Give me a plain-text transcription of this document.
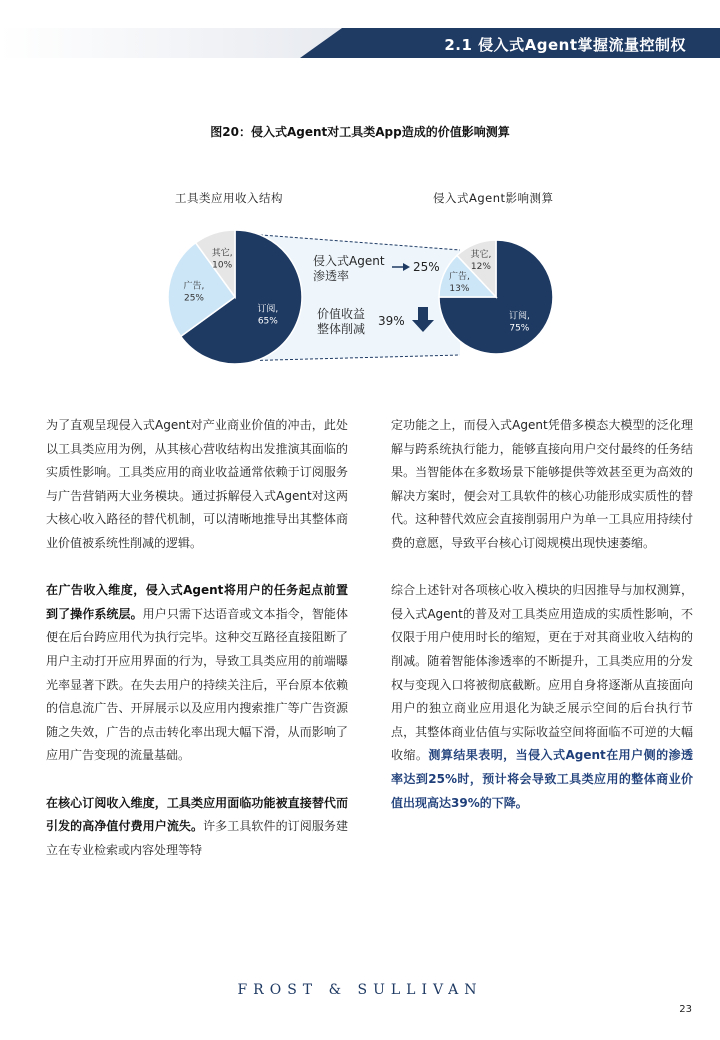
2.1 侵入式Agent掌握流量控制权
图20：侵入式Agent对工具类App造成的价值影响测算
工具类应用收入结构	侵入式Agent影响测算
订阅,
65%
广告,
25%
其它,
10%
订阅,
75%
广告,
13%
其它,
12%
侵入式Agent
渗透率
25%
价值收益
整体削减
39%

为了直观呈现侵入式Agent对产业商业价值的冲击，此处以工具类应用为例，从其核心营收结构出发推演其面临的实质性影响。工具类应用的商业收益通常依赖于订阅服务与广告营销两大业务模块。通过拆解侵入式Agent对这两大核心收入路径的替代机制，可以清晰地推导出其整体商业价值被系统性削减的逻辑。

在广告收入维度，侵入式Agent将用户的任务起点前置到了操作系统层。用户只需下达语音或文本指令，智能体便在后台跨应用代为执行完毕。这种交互路径直接阻断了用户主动打开应用界面的行为，导致工具类应用的前端曝光率显著下跌。在失去用户的持续关注后，平台原本依赖的信息流广告、开屏展示以及应用内搜索推广等广告资源随之失效，广告的点击转化率出现大幅下滑，从而影响了应用广告变现的流量基础。

在核心订阅收入维度，工具类应用面临功能被直接替代而引发的高净值付费用户流失。许多工具软件的订阅服务建立在专业检索或内容处理等特

定功能之上，而侵入式Agent凭借多模态大模型的泛化理解与跨系统执行能力，能够直接向用户交付最终的任务结果。当智能体在多数场景下能够提供等效甚至更为高效的解决方案时，便会对工具软件的核心功能形成实质性的替代。这种替代效应会直接削弱用户为单一工具应用持续付费的意愿，导致平台核心订阅规模出现快速萎缩。

综合上述针对各项核心收入模块的归因推导与加权测算，侵入式Agent的普及对工具类应用造成的实质性影响，不仅限于用户使用时长的缩短，更在于对其商业收入结构的削减。随着智能体渗透率的不断提升，工具类应用的分发权与变现入口将被彻底截断。应用自身将逐渐从直接面向用户的独立商业应用退化为缺乏展示空间的后台执行节点，其整体商业估值与实际收益空间将面临不可逆的大幅收缩。测算结果表明，当侵入式Agent在用户侧的渗透率达到25%时，预计将会导致工具类应用的整体商业价值出现高达39%的下降。

FROST & SULLIVAN
23
